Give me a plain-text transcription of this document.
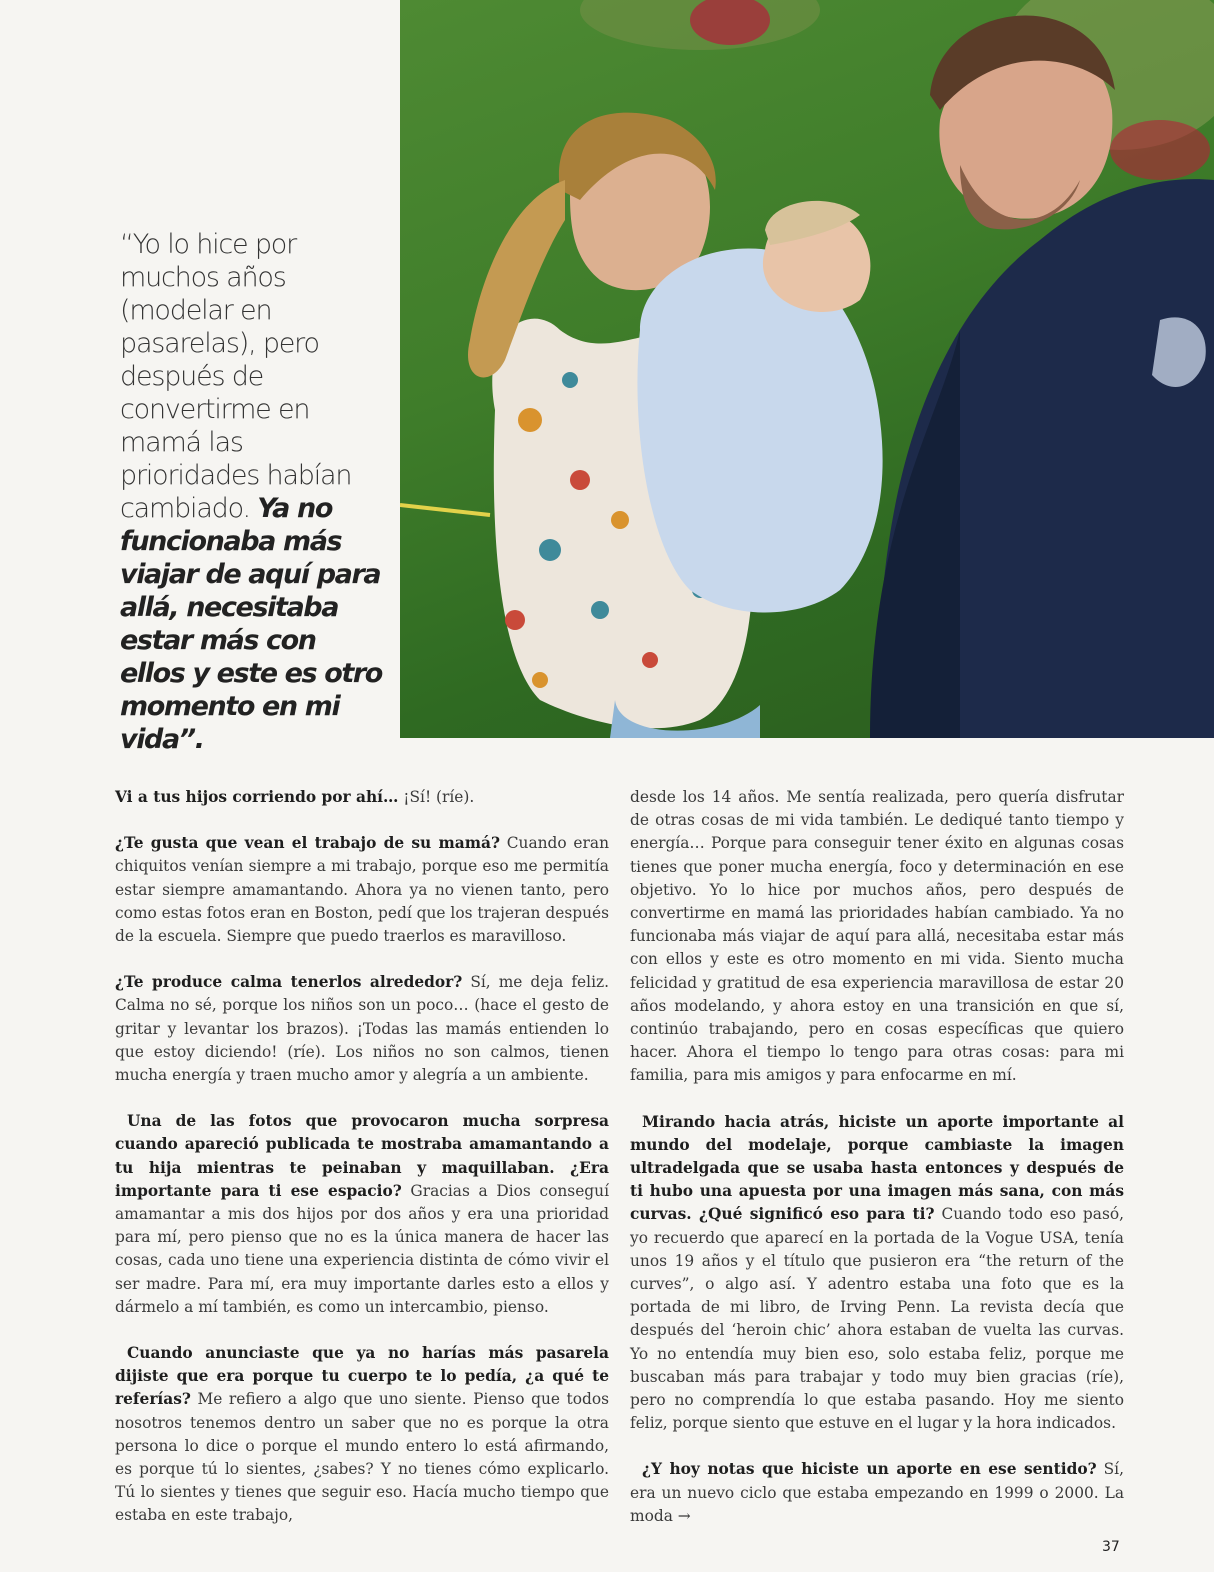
“Yo lo hice por muchos años (modelar en pasarelas), pero después de convertirme en mamá las prioridades habían cambiado. Ya no funcionaba más viajar de aquí para allá, necesitaba estar más con ellos y este es otro momento en mi vida”.

Vi a tus hijos corriendo por ahí… ¡Sí! (ríe).

¿Te gusta que vean el trabajo de su mamá? Cuando eran chiquitos venían siempre a mi trabajo, porque eso me permitía estar siempre amamantando. Ahora ya no vienen tanto, pero como estas fotos eran en Boston, pedí que los trajeran después de la escuela. Siempre que puedo traerlos es maravilloso.

¿Te produce calma tenerlos alrededor? Sí, me deja feliz. Calma no sé, porque los niños son un poco… (hace el gesto de gritar y levantar los brazos). ¡Todas las mamás entienden lo que estoy diciendo! (ríe). Los niños no son calmos, tienen mucha energía y traen mucho amor y alegría a un ambiente.

Una de las fotos que provocaron mucha sorpresa cuando apareció publicada te mostraba amamantando a tu hija mientras te peinaban y maquillaban. ¿Era importante para ti ese espacio? Gracias a Dios conseguí amamantar a mis dos hijos por dos años y era una prioridad para mí, pero pienso que no es la única manera de hacer las cosas, cada uno tiene una experiencia distinta de cómo vivir el ser madre. Para mí, era muy importante darles esto a ellos y dármelo a mí también, es como un intercambio, pienso.

Cuando anunciaste que ya no harías más pasarela dijiste que era porque tu cuerpo te lo pedía, ¿a qué te referías? Me refiero a algo que uno siente. Pienso que todos nosotros tenemos dentro un saber que no es porque la otra persona lo dice o porque el mundo entero lo está afirmando, es porque tú lo sientes, ¿sabes? Y no tienes cómo explicarlo. Tú lo sientes y tienes que seguir eso. Hacía mucho tiempo que estaba en este trabajo,

desde los 14 años. Me sentía realizada, pero quería disfrutar de otras cosas de mi vida también. Le dediqué tanto tiempo y energía… Porque para conseguir tener éxito en algunas cosas tienes que poner mucha energía, foco y determinación en ese objetivo. Yo lo hice por muchos años, pero después de convertirme en mamá las prioridades habían cambiado. Ya no funcionaba más viajar de aquí para allá, necesitaba estar más con ellos y este es otro momento en mi vida. Siento mucha felicidad y gratitud de esa experiencia maravillosa de estar 20 años modelando, y ahora estoy en una transición en que sí, continúo trabajando, pero en cosas específicas que quiero hacer. Ahora el tiempo lo tengo para otras cosas: para mi familia, para mis amigos y para enfocarme en mí.

Mirando hacia atrás, hiciste un aporte importante al mundo del modelaje, porque cambiaste la imagen ultradelgada que se usaba hasta entonces y después de ti hubo una apuesta por una imagen más sana, con más curvas. ¿Qué significó eso para ti? Cuando todo eso pasó, yo recuerdo que aparecí en la portada de la Vogue USA, tenía unos 19 años y el título que pusieron era “the return of the curves”, o algo así. Y adentro estaba una foto que es la portada de mi libro, de Irving Penn. La revista decía que después del ‘heroin chic’ ahora estaban de vuelta las curvas. Yo no entendía muy bien eso, solo estaba feliz, porque me buscaban más para trabajar y todo muy bien gracias (ríe), pero no comprendía lo que estaba pasando. Hoy me siento feliz, porque siento que estuve en el lugar y la hora indicados.

¿Y hoy notas que hiciste un aporte en ese sentido? Sí, era un nuevo ciclo que estaba empezando en 1999 o 2000. La moda →

37
